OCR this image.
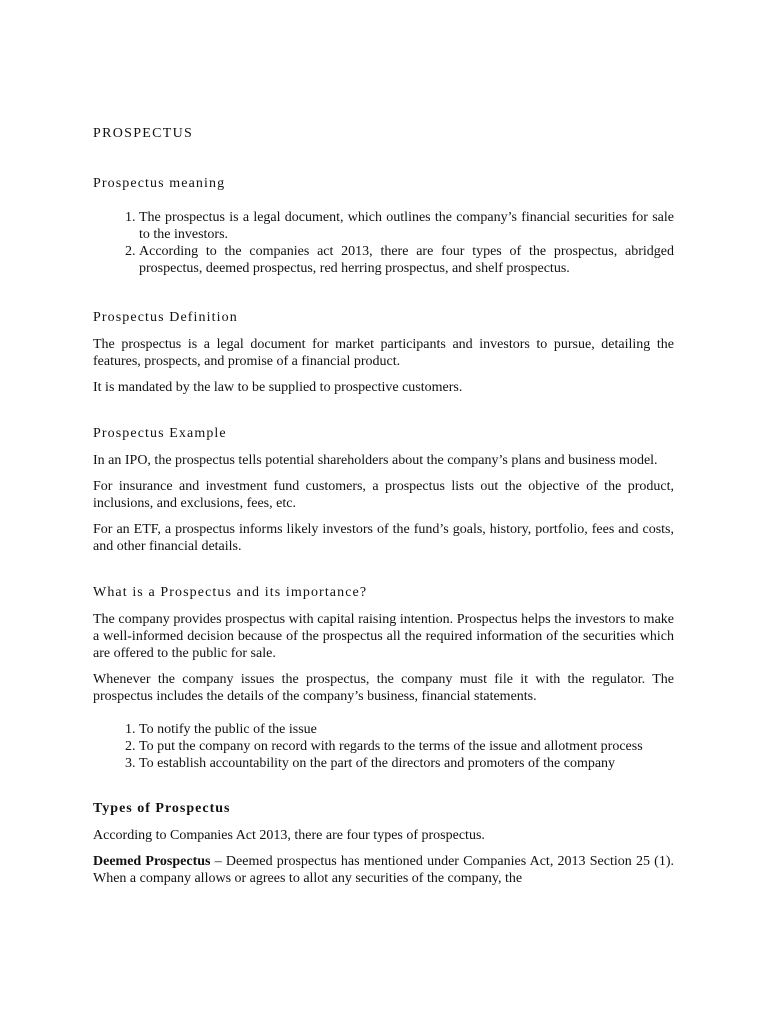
PROSPECTUS
Prospectus meaning
1. The prospectus is a legal document, which outlines the company’s financial securities for sale to the investors.
2. According to the companies act 2013, there are four types of the prospectus, abridged prospectus, deemed prospectus, red herring prospectus, and shelf prospectus.
Prospectus Definition

The prospectus is a legal document for market participants and investors to pursue, detailing the features, prospects, and promise of a financial product.

It is mandated by the law to be supplied to prospective customers.

Prospectus Example

In an IPO, the prospectus tells potential shareholders about the company’s plans and business model.

For insurance and investment fund customers, a prospectus lists out the objective of the product, inclusions, and exclusions, fees, etc.

For an ETF, a prospectus informs likely investors of the fund’s goals, history, portfolio, fees and costs, and other financial details.

What is a Prospectus and its importance?

The company provides prospectus with capital raising intention. Prospectus helps the investors to make a well-informed decision because of the prospectus all the required information of the securities which are offered to the public for sale.

Whenever the company issues the prospectus, the company must file it with the regulator. The prospectus includes the details of the company’s business, financial statements.

1. To notify the public of the issue
2. To put the company on record with regards to the terms of the issue and allotment process
3. To establish accountability on the part of the directors and promoters of the company
Types of Prospectus

According to Companies Act 2013, there are four types of prospectus.

Deemed Prospectus – Deemed prospectus has mentioned under Companies Act, 2013 Section 25 (1). When a company allows or agrees to allot any securities of the company, the
